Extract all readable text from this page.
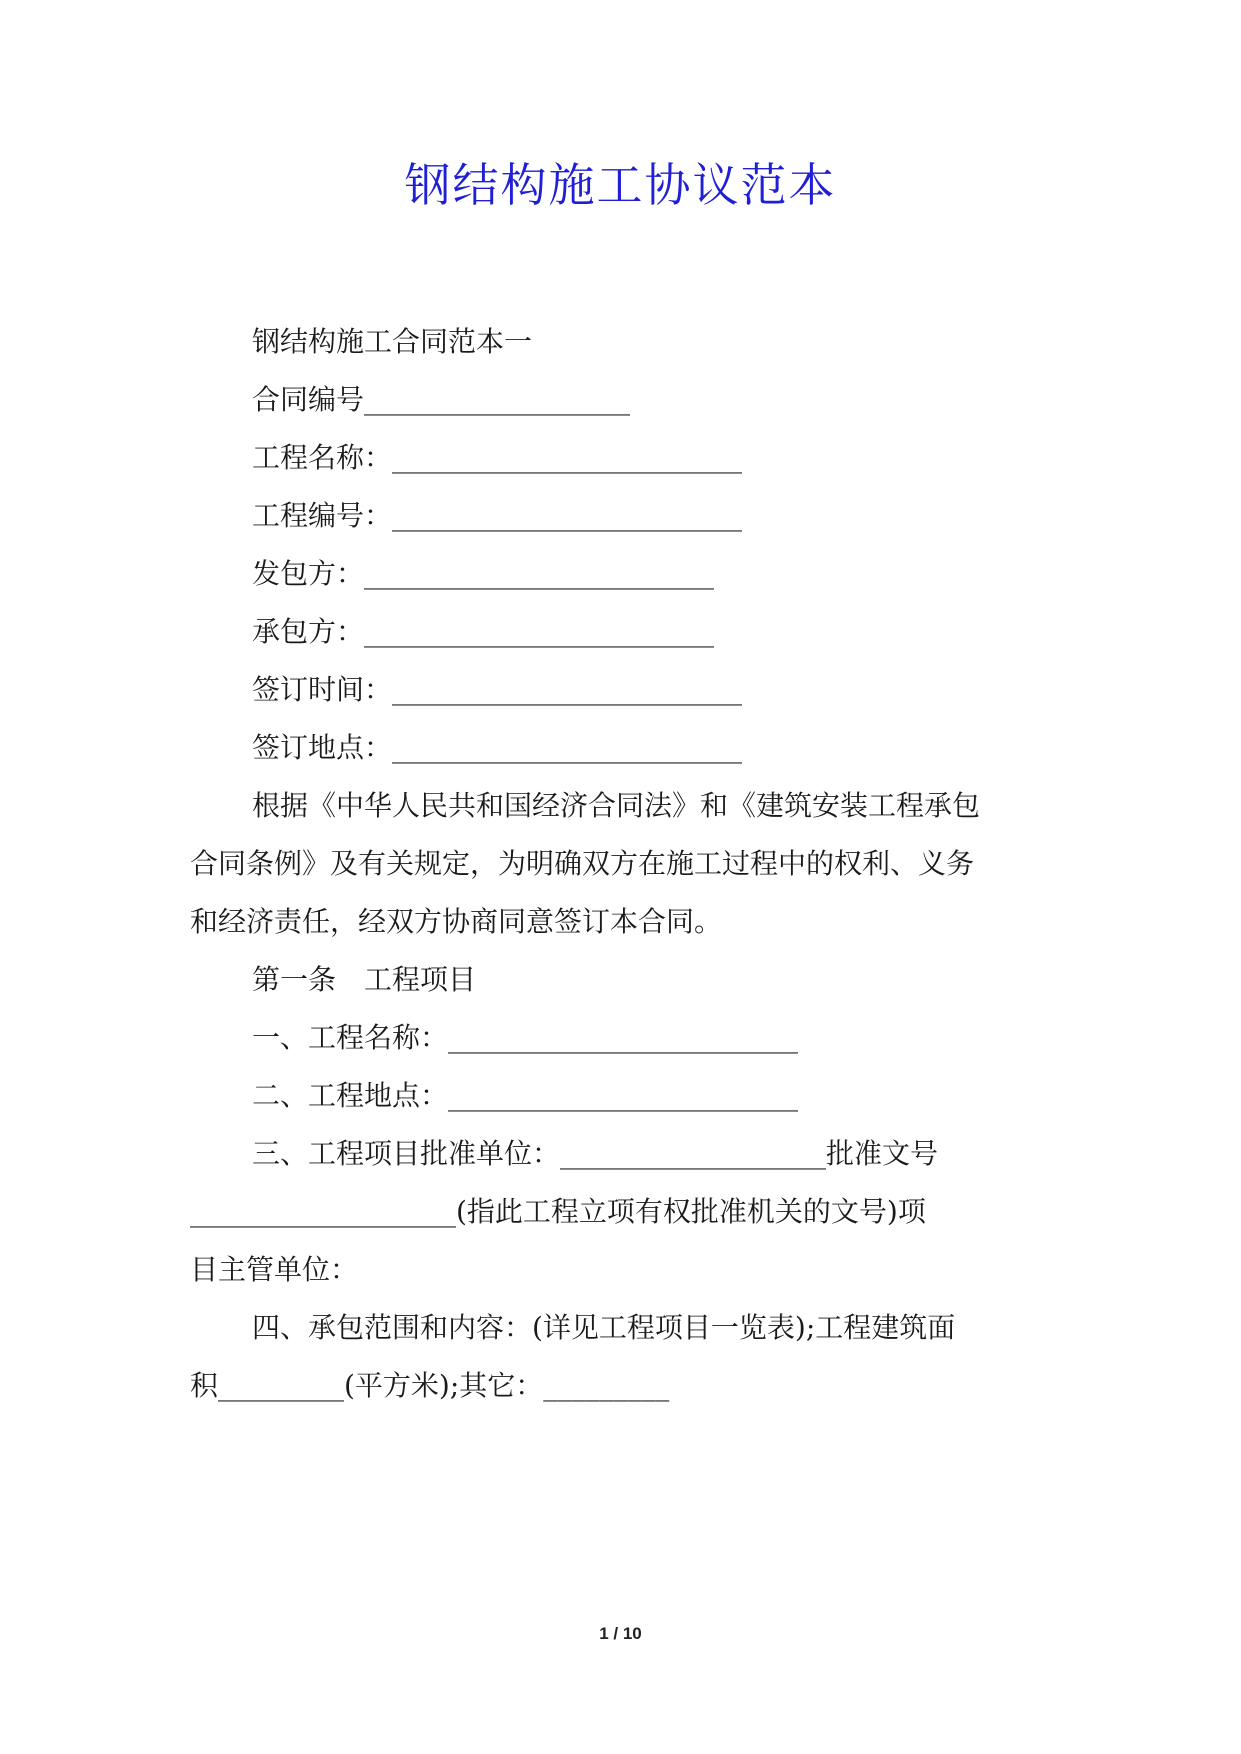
钢结构施工协议范本
钢结构施工合同范本一
合同编号___________________
工程名称：_________________________
工程编号：_________________________
发包方：_________________________
承包方：_________________________
签订时间：_________________________
签订地点：_________________________
根据《中华人民共和国经济合同法》和《建筑安装工程承包
合同条例》及有关规定，为明确双方在施工过程中的权利、义务
和经济责任，经双方协商同意签订本合同。
第一条　工程项目
一、工程名称：_________________________
二、工程地点：_________________________
三、工程项目批准单位：___________________批准文号
___________________(指此工程立项有权批准机关的文号)项
目主管单位：
四、承包范围和内容：(详见工程项目一览表);工程建筑面
积_________(平方米);其它：_________
1 / 10
